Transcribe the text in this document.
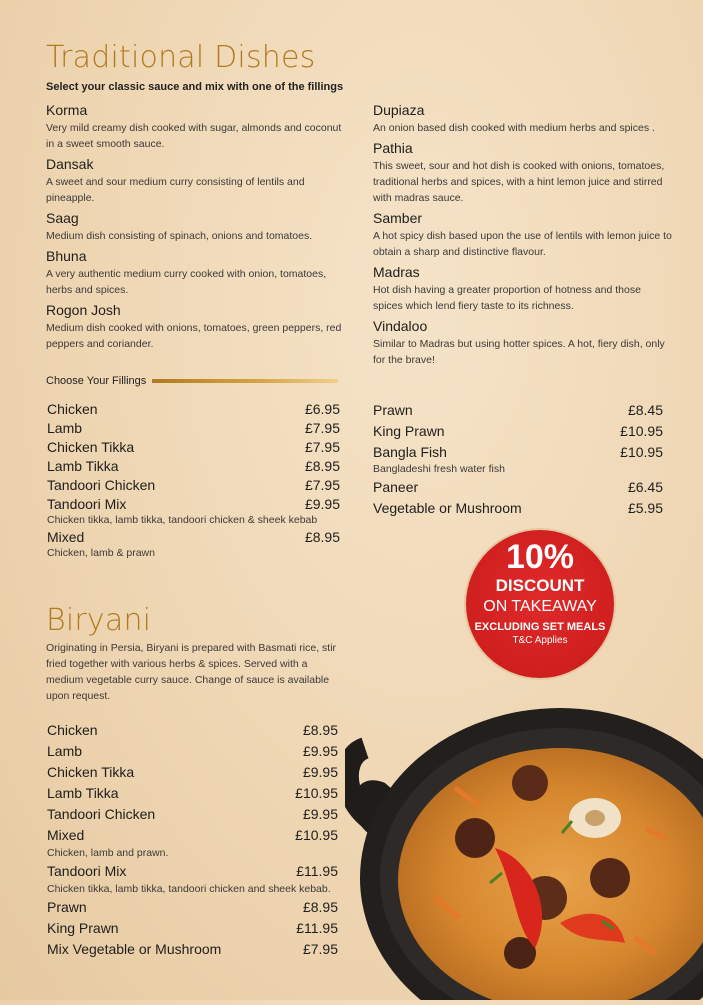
Traditional Dishes
Select your classic sauce and mix with one of the fillings
Korma
Very mild creamy dish cooked with sugar, almonds and coconut in a sweet smooth sauce.
Dansak
A sweet and sour medium curry consisting of lentils and pineapple.
Saag
Medium dish consisting of spinach, onions and tomatoes.
Bhuna
A very authentic medium curry cooked with onion, tomatoes, herbs and spices.
Rogon Josh
Medium dish cooked with onions, tomatoes, green peppers, red peppers and coriander.
Dupiaza
An onion based dish cooked with medium herbs and spices .
Pathia
This sweet, sour and hot dish is cooked with onions, tomatoes, traditional herbs and spices, with a hint lemon juice and stirred with madras sauce.
Samber
A hot spicy dish based upon the use of lentils with lemon juice to obtain a sharp and distinctive flavour.
Madras
Hot dish having a greater proportion of hotness and those spices which lend fiery taste to its richness.
Vindaloo
Similar to Madras but using hotter spices. A hot, fiery dish, only for the brave!
Choose Your Fillings
Chicken	£6.95
Lamb	£7.95
Chicken Tikka	£7.95
Lamb Tikka	£8.95
Tandoori Chicken	£7.95
Tandoori Mix	£9.95
Chicken tikka, lamb tikka, tandoori chicken & sheek kebab
Mixed	£8.95
Chicken, lamb & prawn
Prawn	£8.45
King Prawn	£10.95
Bangla Fish	£10.95
Bangladeshi fresh water fish
Paneer	£6.45
Vegetable or Mushroom	£5.95
10%
DISCOUNT
ON TAKEAWAY
EXCLUDING SET MEALS
T&C Applies
Biryani
Originating in Persia, Biryani is prepared with Basmati rice, stir fried together with various herbs & spices. Served with a medium vegetable curry sauce. Change of sauce is available upon request.
Chicken	£8.95
Lamb	£9.95
Chicken Tikka	£9.95
Lamb Tikka	£10.95
Tandoori Chicken	£9.95
Mixed	£10.95
Chicken, lamb and prawn.
Tandoori Mix	£11.95
Chicken tikka, lamb tikka, tandoori chicken and sheek kebab.
Prawn	£8.95
King Prawn	£11.95
Mix Vegetable or Mushroom	£7.95
